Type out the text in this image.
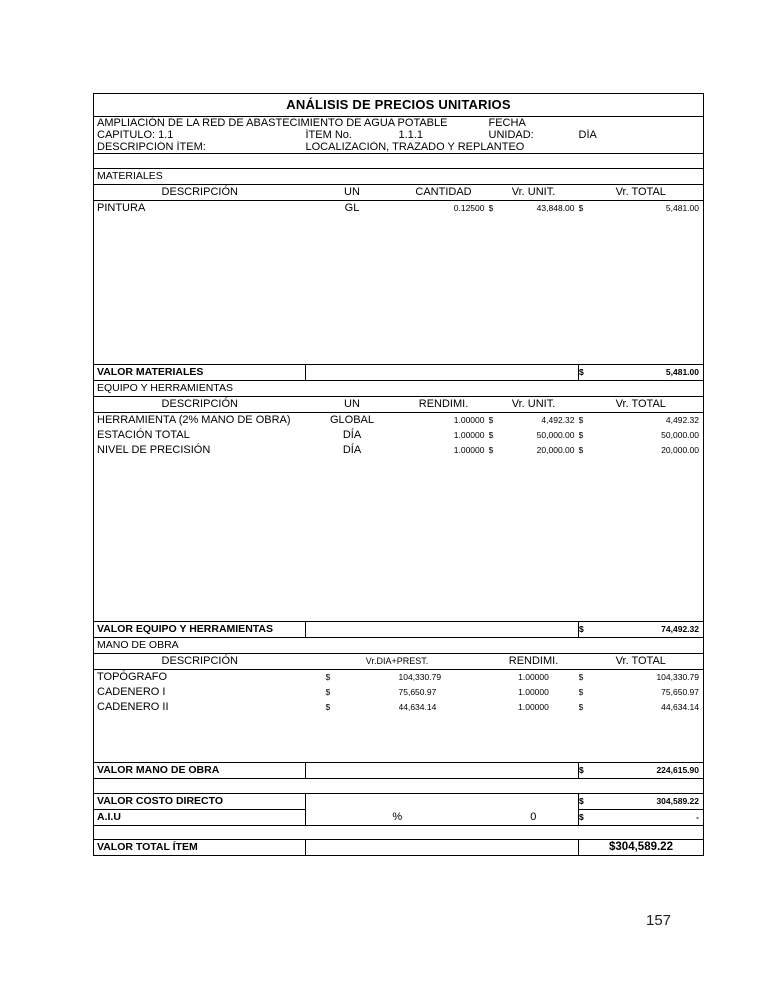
ANÁLISIS DE PRECIOS UNITARIOS						
AMPLIACIÓN DE LA RED DE ABASTECIMIENTO DE AGUA POTABLE			FECHA			
CAPITULO: 1.1	ÍTEM No.	1.1.1	UNIDAD:		DÍA	
DESCRIPCIÓN ÍTEM:	LOCALIZACIÓN, TRAZADO Y REPLANTEO					

MATERIALES						
DESCRIPCIÓN	UN	CANTIDAD	Vr. UNIT.		Vr. TOTAL	
PINTURA	GL	0.12500	$	43,848.00	$	5,481.00

VALOR MATERIALES					$	5,481.00
EQUIPO Y HERRAMIENTAS						
DESCRIPCIÓN	UN	RENDIMI.	Vr. UNIT.		Vr. TOTAL	
HERRAMIENTA (2% MANO DE OBRA)	GLOBAL	1.00000	$	4,492.32	$	4,492.32
ESTACIÓN TOTAL	DÍA	1.00000	$	50,000.00	$	50,000.00
NIVEL DE PRECISIÓN	DÍA	1.00000	$	20,000.00	$	20,000.00

VALOR EQUIPO Y HERRAMIENTAS					$	74,492.32
MANO DE OBRA						
DESCRIPCIÓN	Vr.DIA+PREST.		RENDIMI.		Vr. TOTAL	
TOPÓGRAFO	$	104,330.79	1.00000		$	104,330.79
CADENERO I	$	75,650.97	1.00000		$	75,650.97
CADENERO II	$	44,634.14	1.00000		$	44,634.14

VALOR MANO DE OBRA					$	224,615.90

VALOR COSTO DIRECTO					$	304,589.22
A.I.U	%		0		$	-

VALOR TOTAL ÍTEM					$304,589.22	
157
